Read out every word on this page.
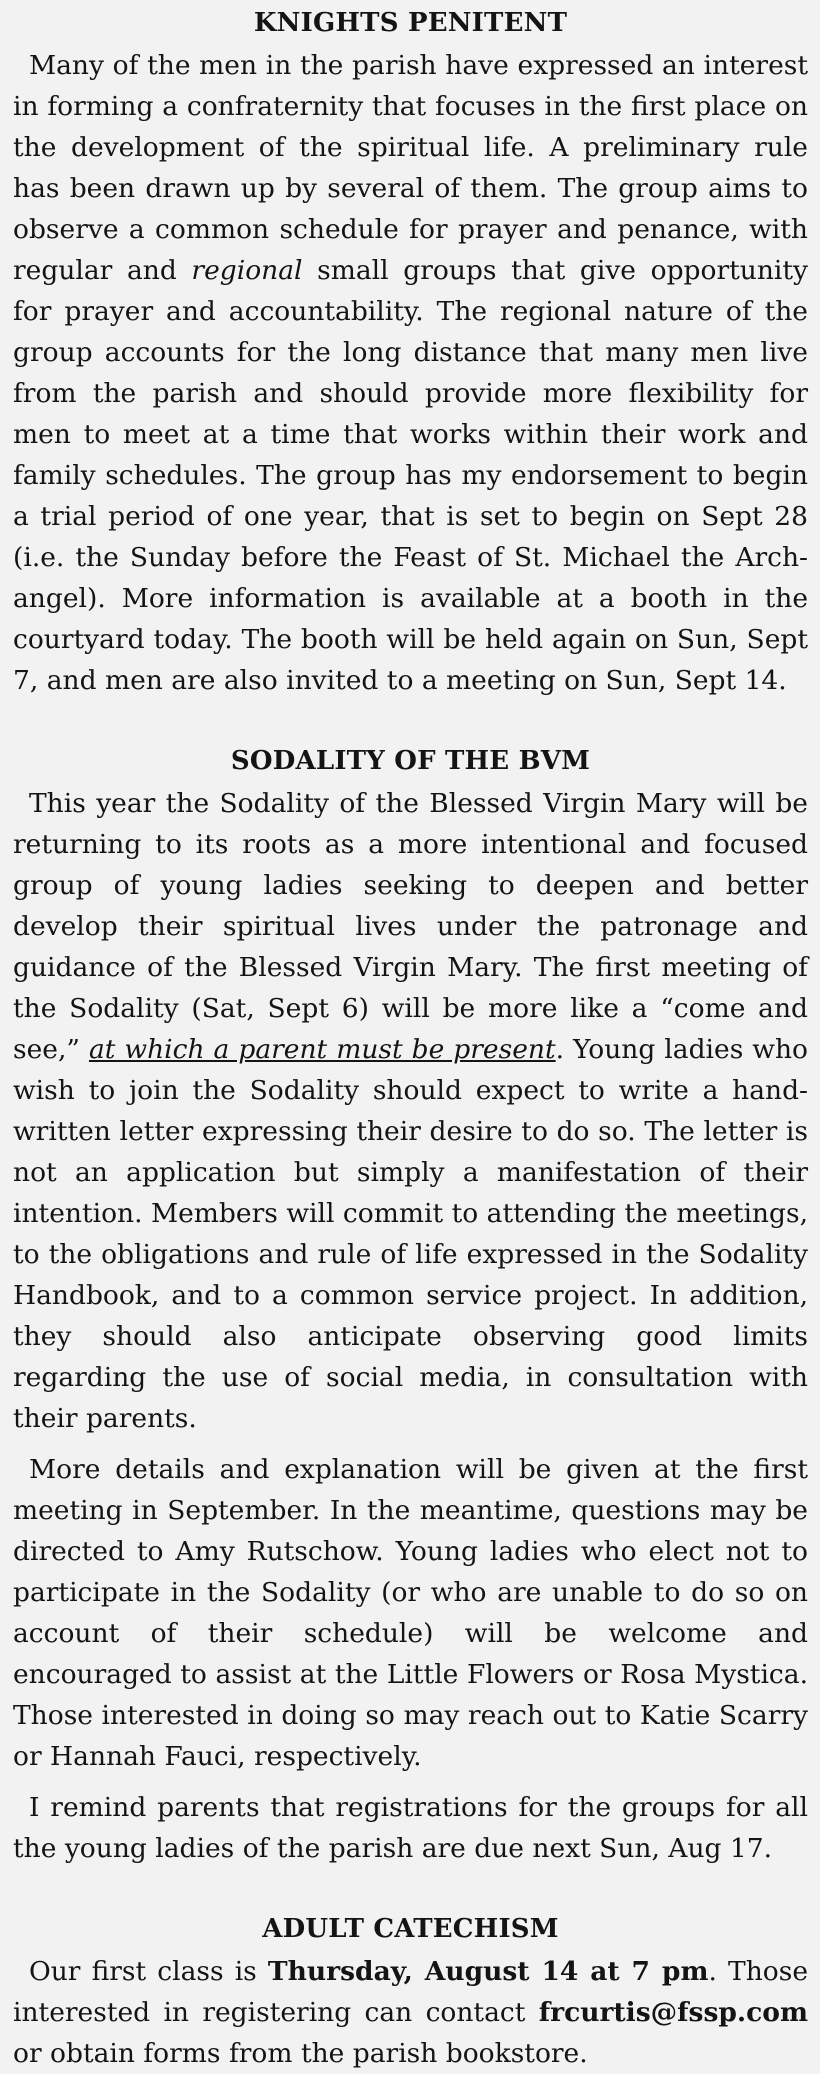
KNIGHTS PENITENT

Many of the men in the parish have expressed an interest in forming a confraternity that focuses in the first place on the development of the spiritual life. A preliminary rule has been drawn up by several of them. The group aims to observe a common schedule for prayer and penance, with regular and regional small groups that give opportunity for prayer and accountability. The regional nature of the group accounts for the long distance that many men live from the parish and should provide more flexibility for men to meet at a time that works within their work and family schedules. The group has my endorsement to begin a trial period of one year, that is set to begin on Sept 28 (i.e. the Sunday before the Feast of St. Michael the Arch-angel). More information is available at a booth in the courtyard today. The booth will be held again on Sun, Sept 7, and men are also invited to a meeting on Sun, Sept 14.

SODALITY OF THE BVM

This year the Sodality of the Blessed Virgin Mary will be returning to its roots as a more intentional and focused group of young ladies seeking to deepen and better develop their spiritual lives under the patronage and guidance of the Blessed Virgin Mary. The first meeting of the Sodality (Sat, Sept 6) will be more like a “come and see,” at which a parent must be present. Young ladies who wish to join the Sodality should expect to write a hand-written letter expressing their desire to do so. The letter is not an application but simply a manifestation of their intention. Members will commit to attending the meetings, to the obligations and rule of life expressed in the Sodality Handbook, and to a common service project. In addition, they should also anticipate observing good limits regarding the use of social media, in consultation with their parents.

More details and explanation will be given at the first meeting in September. In the meantime, questions may be directed to Amy Rutschow. Young ladies who elect not to participate in the Sodality (or who are unable to do so on account of their schedule) will be welcome and encouraged to assist at the Little Flowers or Rosa Mystica. Those interested in doing so may reach out to Katie Scarry or Hannah Fauci, respectively.

I remind parents that registrations for the groups for all the young ladies of the parish are due next Sun, Aug 17.

ADULT CATECHISM

Our first class is Thursday, August 14 at 7 pm. Those interested in registering can contact frcurtis@fssp.com or obtain forms from the parish bookstore.
